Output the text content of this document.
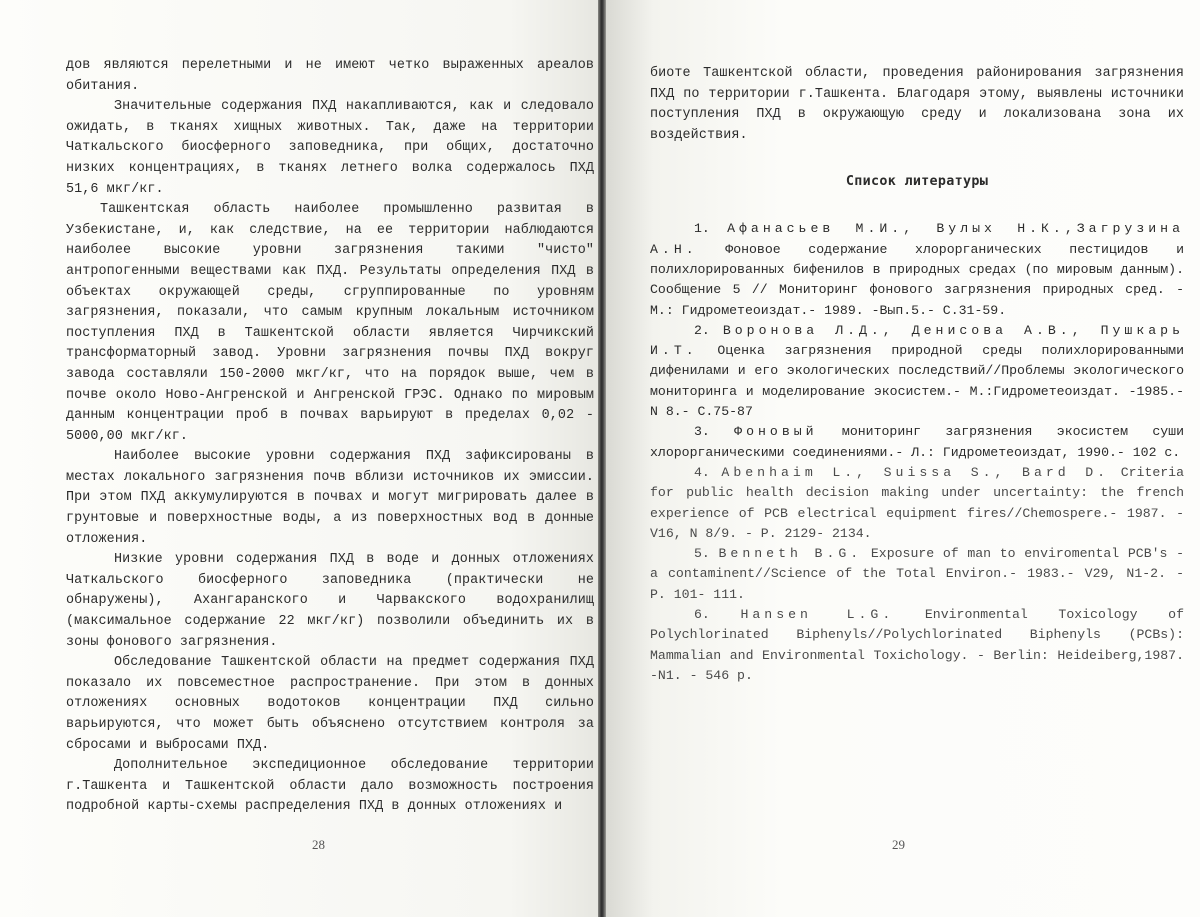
дов являются перелетными и не имеют четко выраженных ареалов обитания.

Значительные содержания ПХД накапливаются, как и следовало ожидать, в тканях хищных животных. Так, даже на территории Чаткальского биосферного заповедника, при общих, достаточно низких концентрациях, в тканях летнего волка содержалось ПХД 51,6 мкг/кг.

Ташкентская область наиболее промышленно развитая в Узбекистане, и, как следствие, на ее территории наблюдаются наиболее высокие уровни загрязнения такими "чисто" антропогенными веществами как ПХД. Результаты определения ПХД в объектах окружающей среды, сгруппированные по уровням загрязнения, показали, что самым крупным локальным источником поступления ПХД в Ташкентской области является Чирчикский трансформаторный завод. Уровни загрязнения почвы ПХД вокруг завода составляли 150-2000 мкг/кг, что на порядок выше, чем в почве около Ново-Ангренской и Ангренской ГРЭС. Однако по мировым данным концентрации проб в почвах варьируют в пределах 0,02 - 5000,00 мкг/кг.

Наиболее высокие уровни содержания ПХД зафиксированы в местах локального загрязнения почв вблизи источников их эмиссии. При этом ПХД аккумулируются в почвах и могут мигрировать далее в грунтовые и поверхностные воды, а из поверхностных вод в донные отложения.

Низкие уровни содержания ПХД в воде и донных отложениях Чаткальского биосферного заповедника (практически не обнаружены), Ахангаранского и Чарвакского водохранилищ (максимальное содержание 22 мкг/кг) позволили объединить их в зоны фонового загрязнения.

Обследование Ташкентской области на предмет содержания ПХД показало их повсеместное распространение. При этом в донных отложениях основных водотоков концентрации ПХД сильно варьируются, что может быть объяснено отсутствием контроля за сбросами и выбросами ПХД.

Дополнительное экспедиционное обследование территории г.Ташкента и Ташкентской области дало возможность построения подробной карты-схемы распределения ПХД в донных отложениях и

28

биоте Ташкентской области, проведения районирования загрязнения ПХД по территории г.Ташкента. Благодаря этому, выявлены источники поступления ПХД в окружающую среду и локализована зона их воздействия.

Список литературы

1. Афанасьев М.И., Вулых Н.К.,Загрузина А.Н. Фоновое содержание хлорорганических пестицидов и полихлорированных бифенилов в природных средах (по мировым данным). Сообщение 5 // Мониторинг фонового загрязнения природных сред. - М.: Гидрометеоиздат.- 1989. -Вып.5.- С.31-59.

2. Воронова Л.Д., Денисова А.В., Пушкарь И.Т. Оценка загрязнения природной среды полихлорированными дифенилами и его экологических последствий//Проблемы экологического мониторинга и моделирование экосистем.- М.:Гидрометеоиздат. -1985.- N 8.- С.75-87

3. Фоновый мониторинг загрязнения экосистем суши хлорорганическими соединениями.- Л.: Гидрометеоиздат, 1990.- 102 с.

4. Abenhaim L., Suissa S., Bard D. Criteria for public health decision making under uncertainty: the french experience of PCB electrical equipment fires//Chemospere.- 1987. -V16, N 8/9. - P. 2129- 2134.

5. Benneth B.G. Exposure of man to enviromental PCB's - a contaminent//Science of the Total Environ.- 1983.- V29, N1-2. - P. 101- 111.

6. Hansen L.G. Environmental Toxicology of Polychlorinated Biphenyls//Polychlorinated Biphenyls (PCBs): Mammalian and Environmental Toxichology. - Berlin: Heideiberg,1987. -N1. - 546 p.

29
